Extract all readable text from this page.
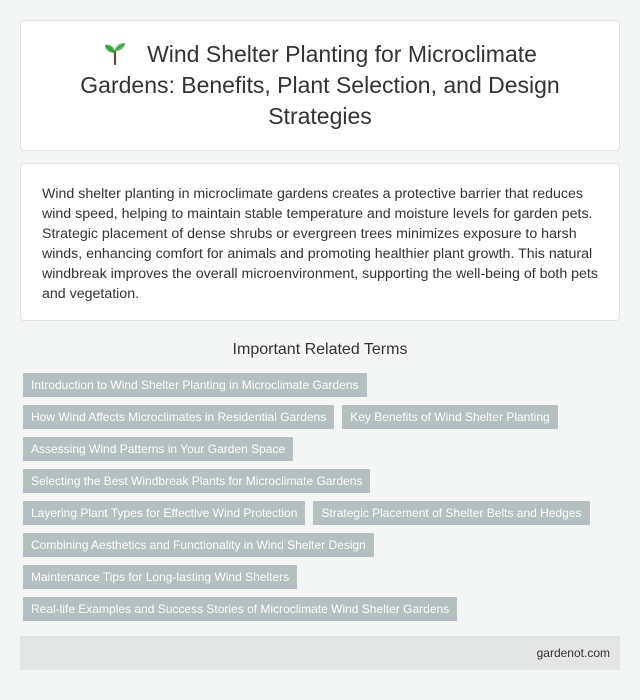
Wind Shelter Planting for Microclimate Gardens: Benefits, Plant Selection, and Design Strategies

Wind shelter planting in microclimate gardens creates a protective barrier that reduces wind speed, helping to maintain stable temperature and moisture levels for garden pets. Strategic placement of dense shrubs or evergreen trees minimizes exposure to harsh winds, enhancing comfort for animals and promoting healthier plant growth. This natural windbreak improves the overall microenvironment, supporting the well-being of both pets and vegetation.

Important Related Terms
Introduction to Wind Shelter Planting in Microclimate Gardens
How Wind Affects Microclimates in Residential Gardens	Key Benefits of Wind Shelter Planting
Assessing Wind Patterns in Your Garden Space
Selecting the Best Windbreak Plants for Microclimate Gardens
Layering Plant Types for Effective Wind Protection	Strategic Placement of Shelter Belts and Hedges
Combining Aesthetics and Functionality in Wind Shelter Design
Maintenance Tips for Long-lasting Wind Shelters
Real-life Examples and Success Stories of Microclimate Wind Shelter Gardens
gardenot.com
